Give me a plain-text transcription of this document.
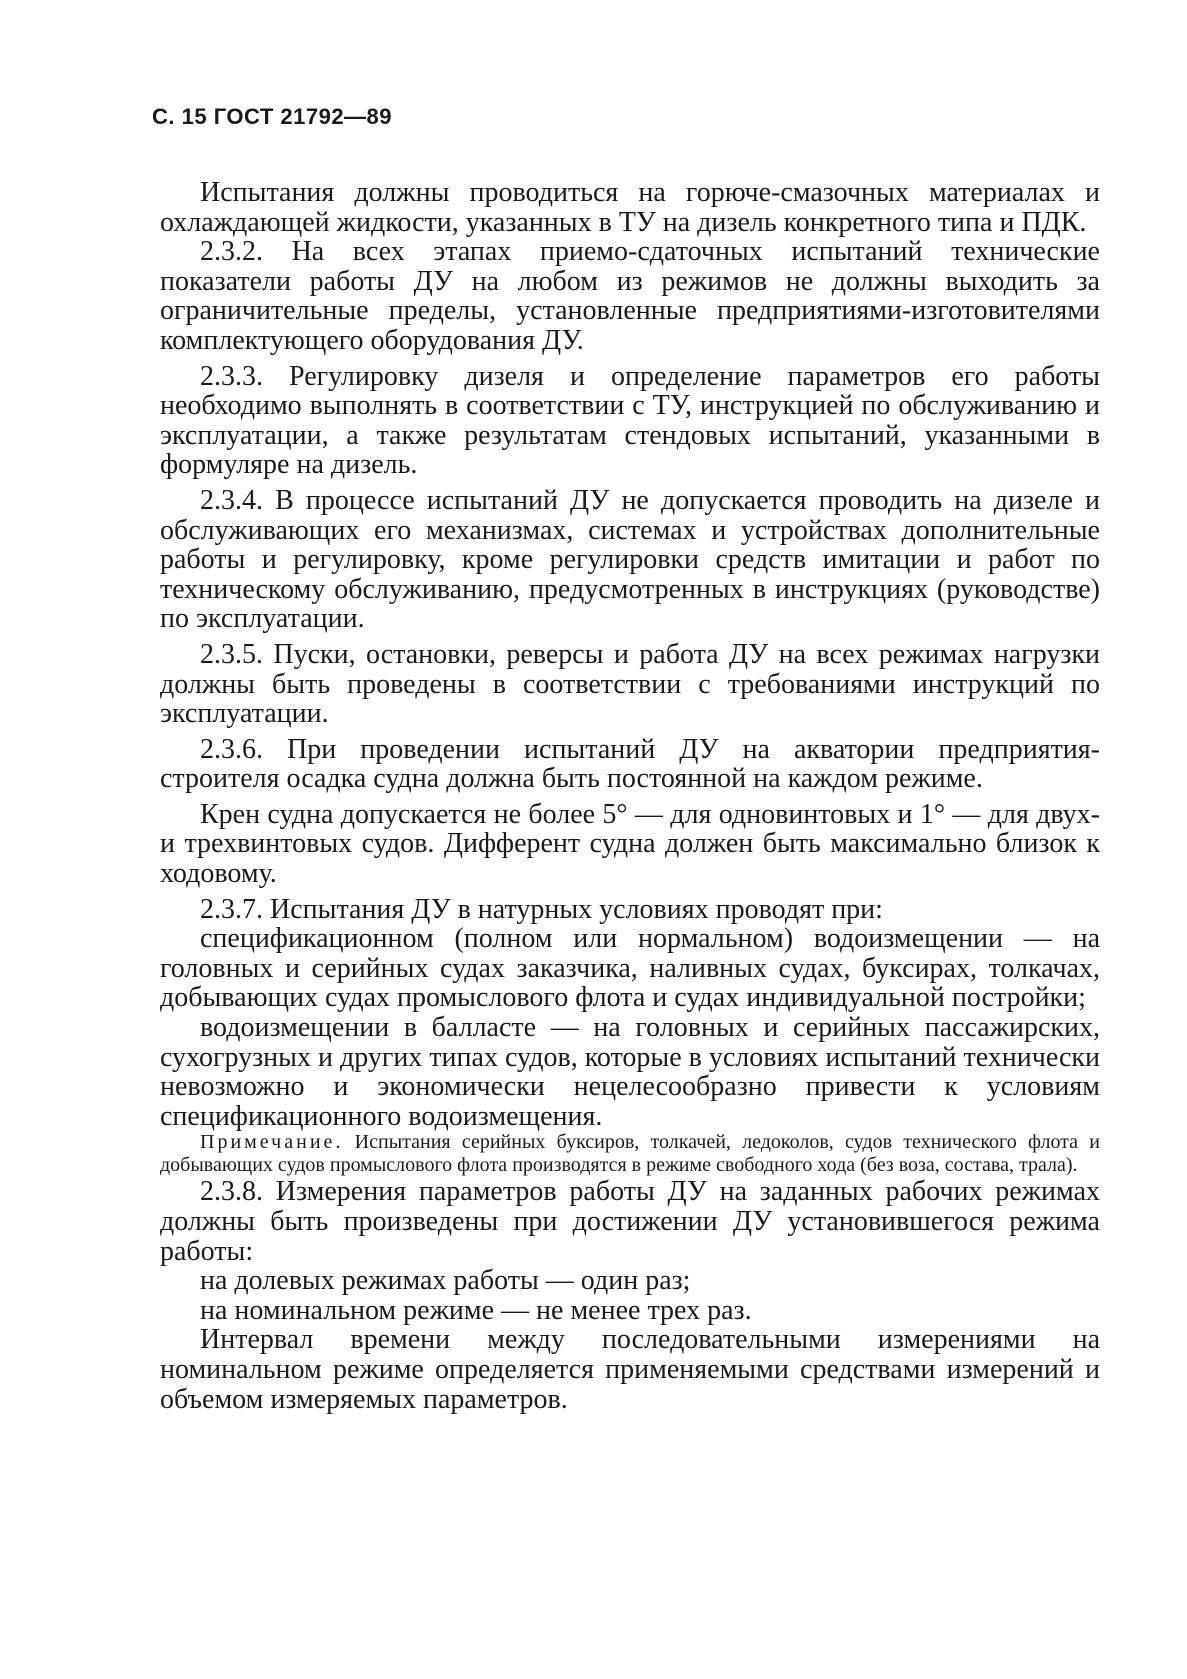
С. 15 ГОСТ 21792—89

Испытания должны проводиться на горюче-смазочных материалах и охлаждающей жидкости, указанных в ТУ на дизель конкретного типа и ПДК.

2.3.2. На всех этапах приемо-сдаточных испытаний технические показатели работы ДУ на любом из режимов не должны выходить за ограничительные пределы, установленные предприятиями-изготовителями комплектующего оборудования ДУ.

2.3.3. Регулировку дизеля и определение параметров его работы необходимо выполнять в соответствии с ТУ, инструкцией по обслуживанию и эксплуатации, а также результатам стендовых испытаний, указанными в формуляре на дизель.

2.3.4. В процессе испытаний ДУ не допускается проводить на дизеле и обслуживающих его механизмах, системах и устройствах дополнительные работы и регулировку, кроме регулировки средств имитации и работ по техническому обслуживанию, предусмотренных в инструкциях (руководстве) по эксплуатации.

2.3.5. Пуски, остановки, реверсы и работа ДУ на всех режимах нагрузки должны быть проведены в соответствии с требованиями инструкций по эксплуатации.

2.3.6. При проведении испытаний ДУ на акватории предприятия-строителя осадка судна должна быть постоянной на каждом режиме.

Крен судна допускается не более 5° — для одновинтовых и 1° — для двух- и трехвинтовых судов. Дифферент судна должен быть максимально близок к ходовому.

2.3.7. Испытания ДУ в натурных условиях проводят при:

спецификационном (полном или нормальном) водоизмещении — на головных и серийных судах заказчика, наливных судах, буксирах, толкачах, добывающих судах промыслового флота и судах индивидуальной постройки;

водоизмещении в балласте — на головных и серийных пассажирских, сухогрузных и других типах судов, которые в условиях испытаний технически невозможно и экономически нецелесообразно привести к условиям спецификационного водоизмещения.

Примечание. Испытания серийных буксиров, толкачей, ледоколов, судов технического флота и добывающих судов промыслового флота производятся в режиме свободного хода (без воза, состава, трала).

2.3.8. Измерения параметров работы ДУ на заданных рабочих режимах должны быть произведены при достижении ДУ установившегося режима работы:

на долевых режимах работы — один раз;

на номинальном режиме — не менее трех раз.

Интервал времени между последовательными измерениями на номинальном режиме определяется применяемыми средствами измерений и объемом измеряемых параметров.
